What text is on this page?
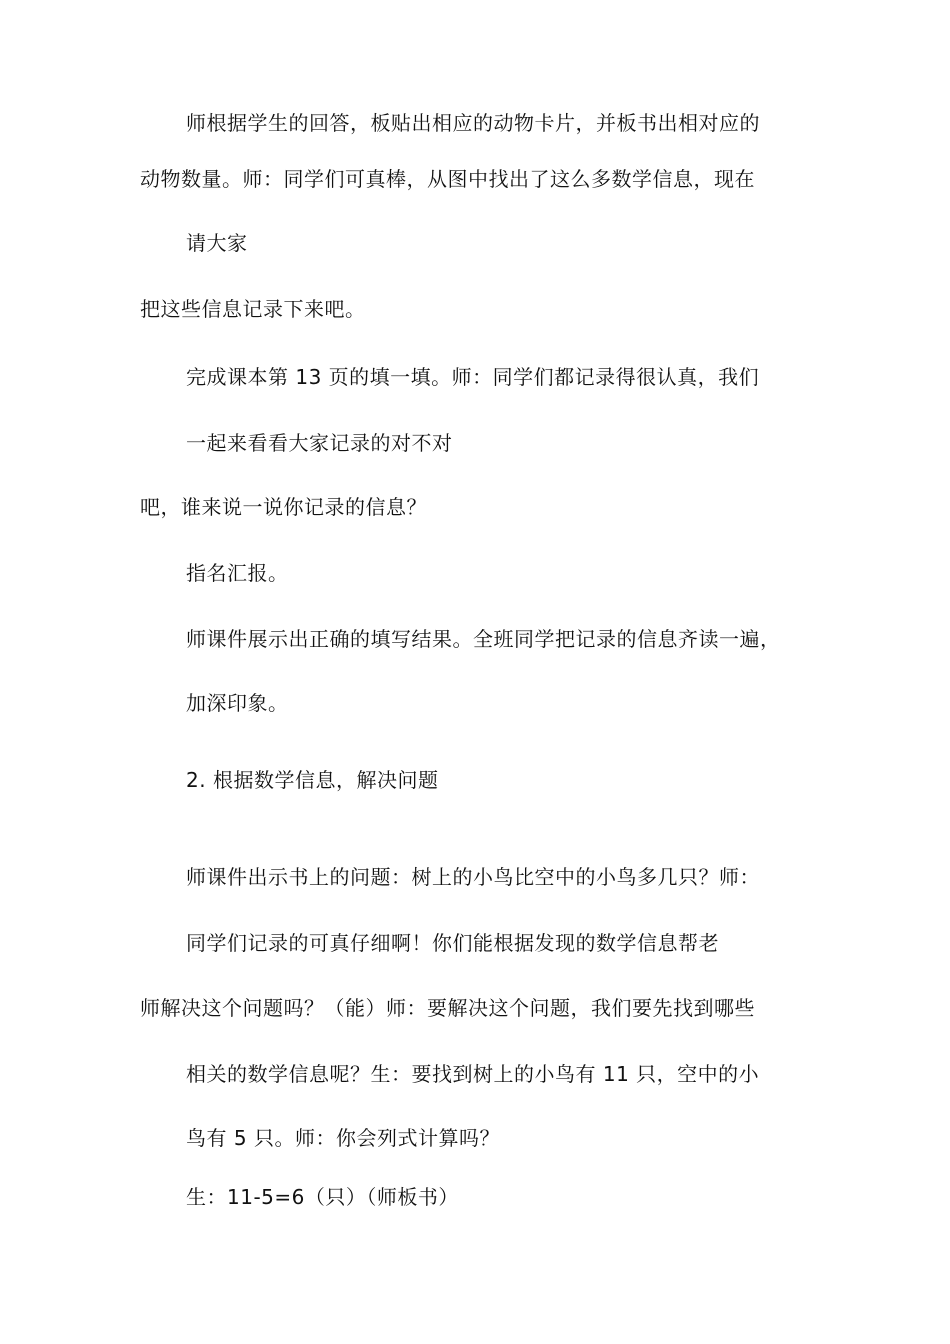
师根据学生的回答，板贴出相应的动物卡片，并板书出相对应的
动物数量。师：同学们可真棒，从图中找出了这么多数学信息，现在
请大家
把这些信息记录下来吧。
完成课本第 13 页的填一填。师：同学们都记录得很认真，我们
一起来看看大家记录的对不对
吧，谁来说一说你记录的信息？
指名汇报。
师课件展示出正确的填写结果。全班同学把记录的信息齐读一遍，
加深印象。
2. 根据数学信息，解决问题
师课件出示书上的问题：树上的小鸟比空中的小鸟多几只？师：
同学们记录的可真仔细啊！你们能根据发现的数学信息帮老
师解决这个问题吗？（能）师：要解决这个问题，我们要先找到哪些
相关的数学信息呢？生：要找到树上的小鸟有 11 只，空中的小
鸟有 5 只。师：你会列式计算吗？
生：11-5=6（只）（师板书）
